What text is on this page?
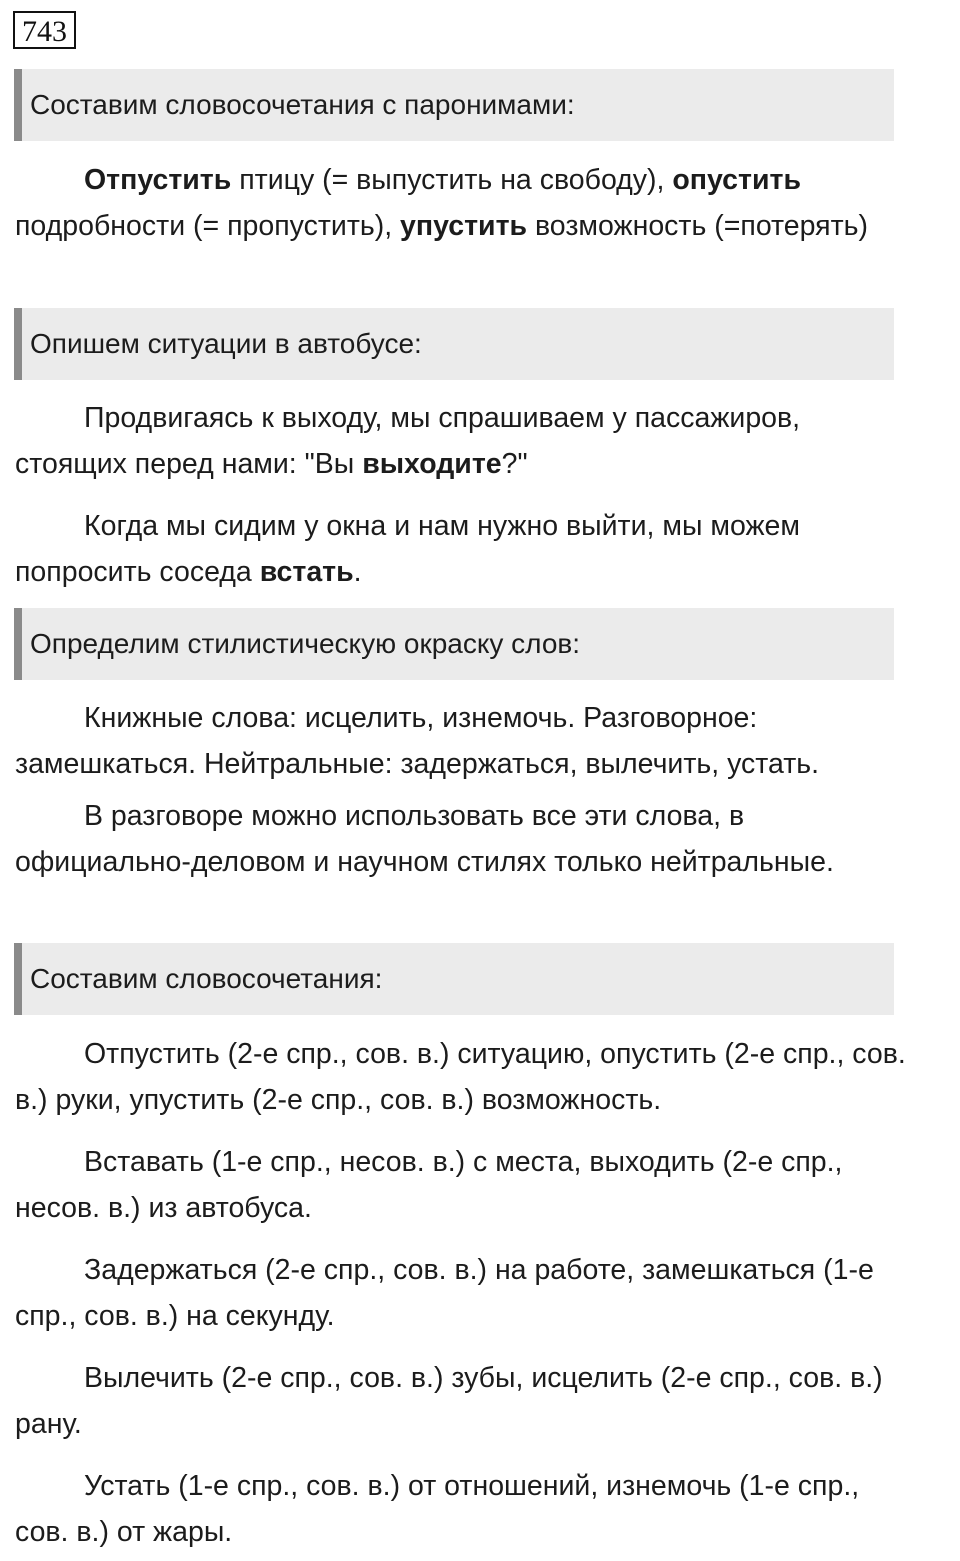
743
Составим словосочетания с паронимами:

Отпустить птицу (= выпустить на свободу), опустить подробности (= пропустить), упустить возможность (=потерять)

Опишем ситуации в автобусе:

Продвигаясь к выходу, мы спрашиваем у пассажиров, стоящих перед нами: "Вы выходите?"

Когда мы сидим у окна и нам нужно выйти, мы можем попросить соседа встать.

Определим стилистическую окраску слов:

Книжные слова: исцелить, изнемочь. Разговорное: замешкаться. Нейтральные: задержаться, вылечить, устать.

В разговоре можно использовать все эти слова, в официально-деловом и научном стилях только нейтральные.

Составим словосочетания:

Отпустить (2-е спр., сов. в.) ситуацию, опустить (2-е спр., сов. в.) руки, упустить (2-е спр., сов. в.) возможность.

Вставать (1-е спр., несов. в.) с места, выходить (2-е спр., несов. в.) из автобуса.

Задержаться (2-е спр., сов. в.) на работе, замешкаться (1-е спр., сов. в.) на секунду.

Вылечить (2-е спр., сов. в.) зубы, исцелить (2-е спр., сов. в.) рану.

Устать (1-е спр., сов. в.) от отношений, изнемочь (1-е спр., сов. в.) от жары.
